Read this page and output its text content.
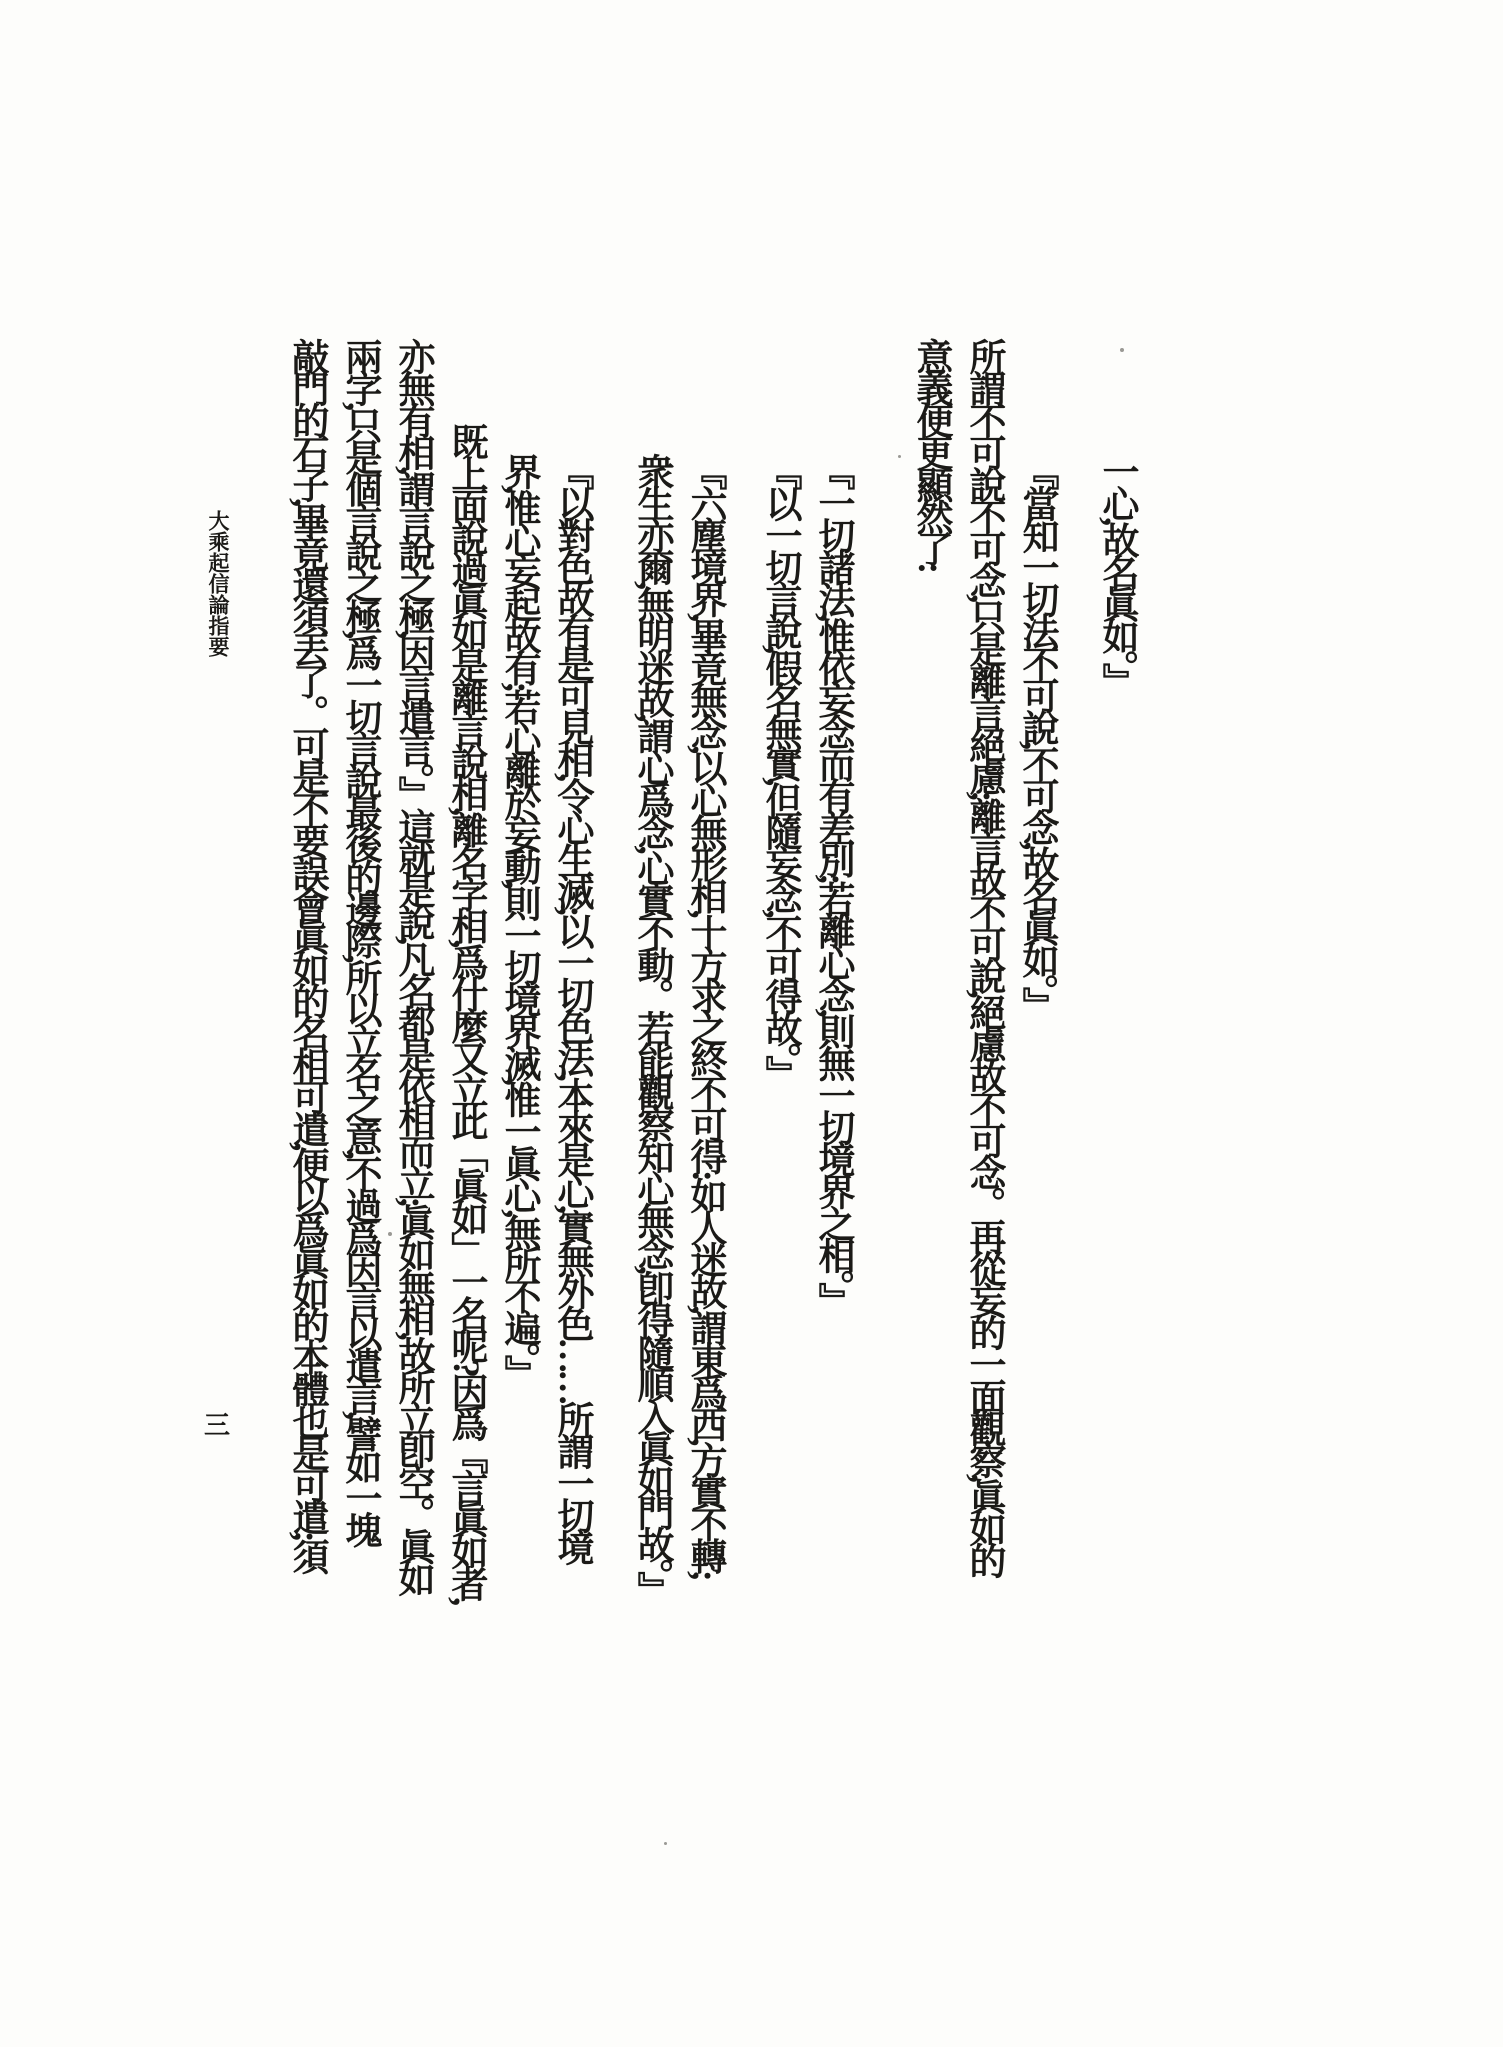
一心,故名眞如。』
『當知一切法不可說,不可念,故名眞如。』
所謂不可說不可念,只是離言絕慮;離言故不可說,絕慮故不可念。再從妄的一面觀察,眞如的
意義便更顯然了:
『一切諸法,惟依妄念而有差別;若離心念,則無一切境界之相。』
『以一切言說,假名無實,但隨妄念,不可得故。』
『六塵境界,畢竟無念,以心無形相,十方求之終不可得:如人迷故,謂東爲西,方實不轉;
衆生亦爾,無明迷故,謂心爲念,心實不動。若能觀察知心無念,卽得隨順入眞如門故。』
『以對色故有是可見相,令心生滅;以一切色法,本來是心,實無外色……所謂一切境
界,惟心妄起故有;若心離於妄動,則一切境界滅,惟一眞心,無所不遍。』
既上面說過眞如是離言說相,離名字相,爲什麼又立此「眞如」一名呢?因爲『言眞如者,
亦無有相,謂言說之極,因言遣言。』這就是說,凡名都是依相而立;眞如無相,故所立卽空。眞如
兩字,只是個言說之極,爲一切言說最後的邊際,所以立名之意,不過爲因言以遣言,譬如一塊
敲門的石子,畢竟還須丟了。可是不要誤會眞如的名相可遣,便以爲眞如的本體也是可遣;須
大乘起信論指要
三
